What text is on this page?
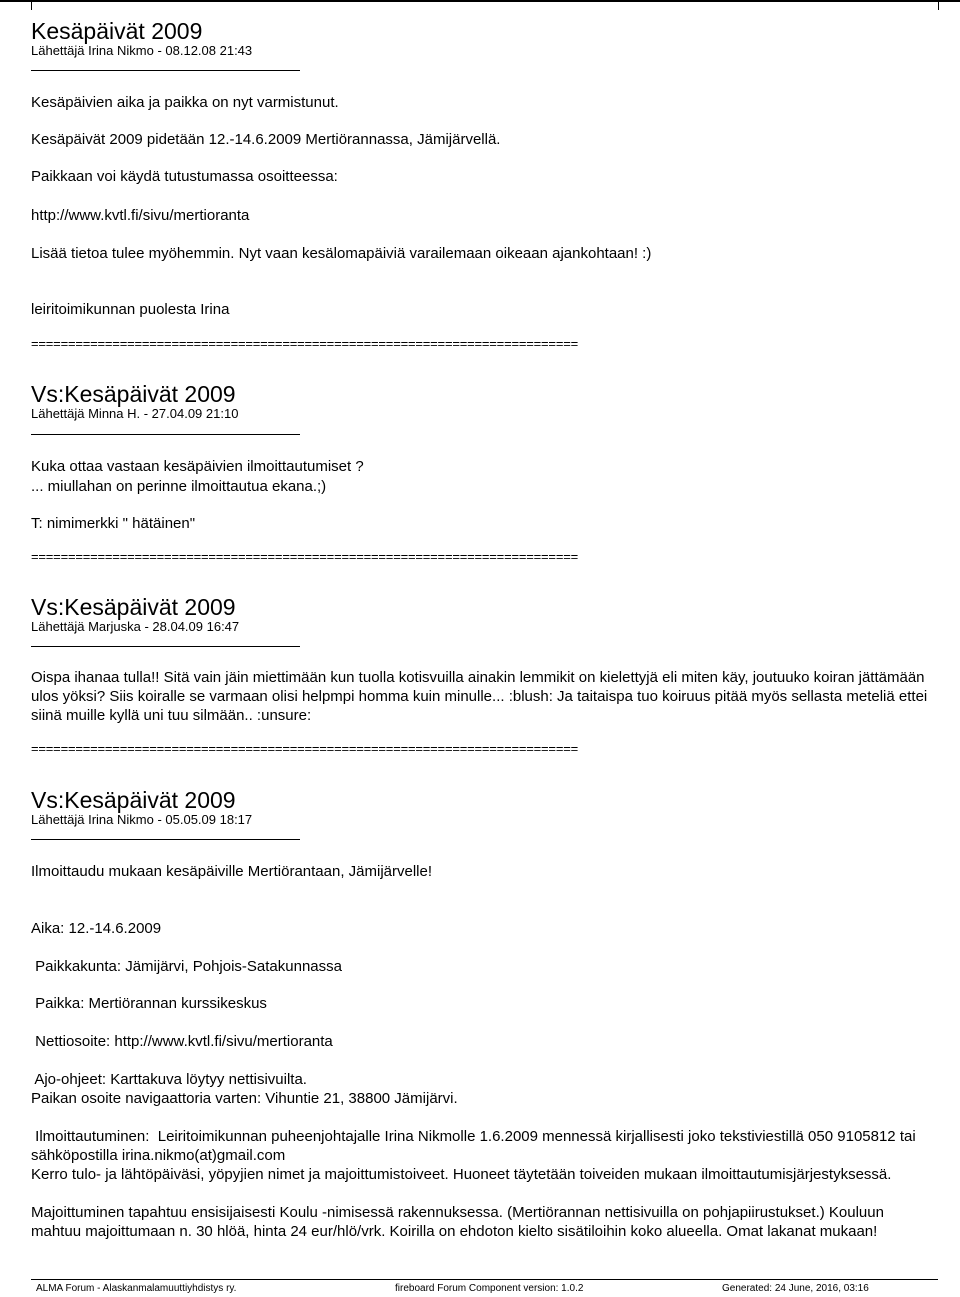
Kesäpäivät 2009
Lähettäjä Irina Nikmo - 08.12.08 21:43
Kesäpäivien aika ja paikka on nyt varmistunut.
Kesäpäivät 2009 pidetään 12.-14.6.2009 Mertiörannassa, Jämijärvellä.
Paikkaan voi käydä tutustumassa osoitteessa:
http://www.kvtl.fi/sivu/mertioranta
Lisää tietoa tulee myöhemmin. Nyt vaan kesälomapäiviä varailemaan oikeaan ajankohtaan! :)
leiritoimikunnan puolesta Irina
==========================================================================
Vs:Kesäpäivät 2009
Lähettäjä Minna H. - 27.04.09 21:10
Kuka ottaa vastaan kesäpäivien ilmoittautumiset ?
... miullahan on perinne ilmoittautua ekana.;)
T: nimimerkki " hätäinen"
==========================================================================
Vs:Kesäpäivät 2009
Lähettäjä Marjuska - 28.04.09 16:47
Oispa ihanaa tulla!! Sitä vain jäin miettimään kun tuolla kotisvuilla ainakin lemmikit on kielettyjä eli miten käy, joutuuko koiran jättämään ulos yöksi? Siis koiralle se varmaan olisi helpmpi homma kuin minulle... :blush: Ja taitaispa tuo koiruus pitää myös sellasta meteliä ettei siinä muille kyllä uni tuu silmään.. :unsure:
==========================================================================
Vs:Kesäpäivät 2009
Lähettäjä Irina Nikmo - 05.05.09 18:17
Ilmoittaudu mukaan kesäpäiville Mertiörantaan, Jämijärvelle!
Aika: 12.-14.6.2009
Paikkakunta: Jämijärvi, Pohjois-Satakunnassa
Paikka: Mertiörannan kurssikeskus
Nettiosoite: http://www.kvtl.fi/sivu/mertioranta
Ajo-ohjeet: Karttakuva löytyy nettisivuilta.
Paikan osoite navigaattoria varten: Vihuntie 21, 38800 Jämijärvi.
Ilmoittautuminen:  Leiritoimikunnan puheenjohtajalle Irina Nikmolle 1.6.2009 mennessä kirjallisesti joko tekstiviestillä 050 9105812 tai sähköpostilla irina.nikmo(at)gmail.com
Kerro tulo- ja lähtöpäiväsi, yöpyjien nimet ja majoittumistoiveet. Huoneet täytetään toiveiden mukaan ilmoittautumisjärjestyksessä.
Majoittuminen tapahtuu ensisijaisesti Koulu -nimisessä rakennuksessa. (Mertiörannan nettisivuilla on pohjapiirustukset.) Kouluun mahtuu majoittumaan n. 30 hlöä, hinta 24 eur/hlö/vrk. Koirilla on ehdoton kielto sisätiloihin koko alueella. Omat lakanat mukaan!
ALMA Forum - Alaskanmalamuuttiyhdistys ry.	fireboard Forum Component version: 1.0.2	Generated: 24 June, 2016, 03:16
